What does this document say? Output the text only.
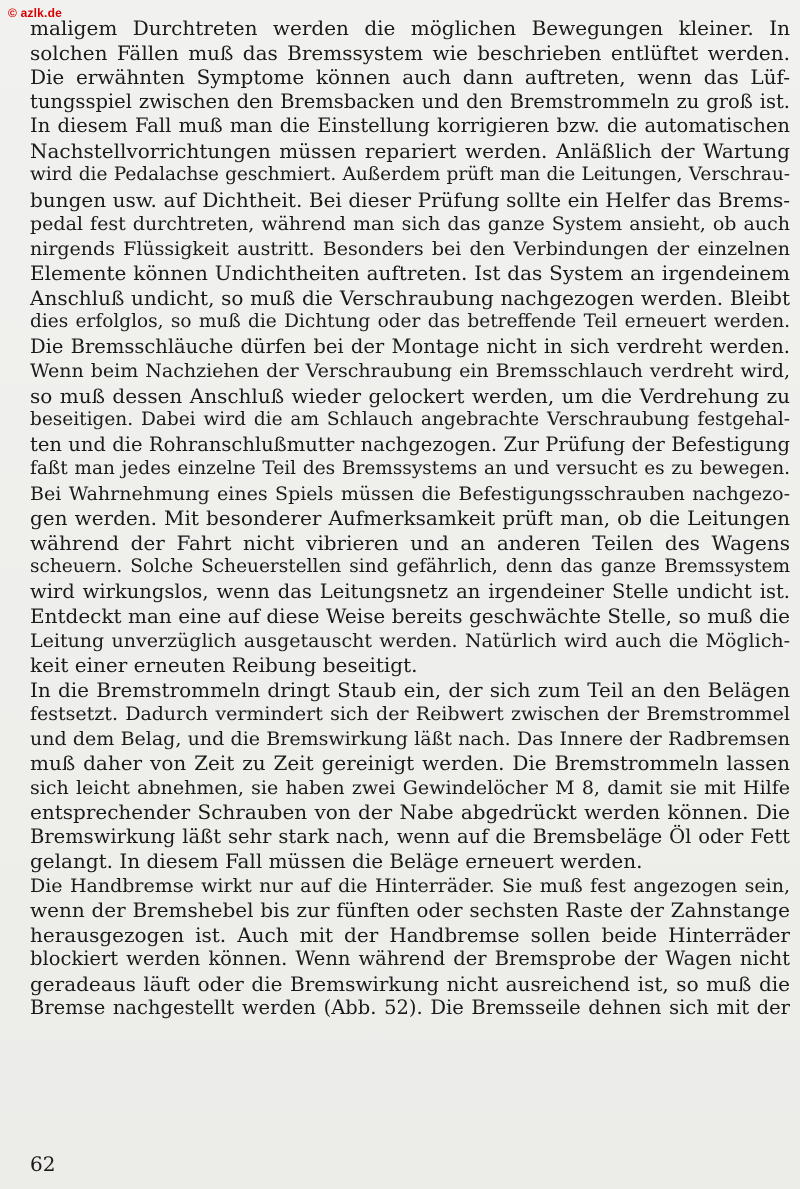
© azlk.de
maligem Durchtreten werden die möglichen Bewegungen kleiner. In
solchen Fällen muß das Bremssystem wie beschrieben entlüftet werden.
Die erwähnten Symptome können auch dann auftreten, wenn das Lüf-
tungsspiel zwischen den Bremsbacken und den Bremstrommeln zu groß ist.
In diesem Fall muß man die Einstellung korrigieren bzw. die automatischen
Nachstellvorrichtungen müssen repariert werden. Anläßlich der Wartung
wird die Pedalachse geschmiert. Außerdem prüft man die Leitungen, Verschrau-
bungen usw. auf Dichtheit. Bei dieser Prüfung sollte ein Helfer das Brems-
pedal fest durchtreten, während man sich das ganze System ansieht, ob auch
nirgends Flüssigkeit austritt. Besonders bei den Verbindungen der einzelnen
Elemente können Undichtheiten auftreten. Ist das System an irgendeinem
Anschluß undicht, so muß die Verschraubung nachgezogen werden. Bleibt
dies erfolglos, so muß die Dichtung oder das betreffende Teil erneuert werden.
Die Bremsschläuche dürfen bei der Montage nicht in sich verdreht werden.
Wenn beim Nachziehen der Verschraubung ein Bremsschlauch verdreht wird,
so muß dessen Anschluß wieder gelockert werden, um die Verdrehung zu
beseitigen. Dabei wird die am Schlauch angebrachte Verschraubung festgehal-
ten und die Rohranschlußmutter nachgezogen. Zur Prüfung der Befestigung
faßt man jedes einzelne Teil des Bremssystems an und versucht es zu bewegen.
Bei Wahrnehmung eines Spiels müssen die Befestigungsschrauben nachgezo-
gen werden. Mit besonderer Aufmerksamkeit prüft man, ob die Leitungen
während der Fahrt nicht vibrieren und an anderen Teilen des Wagens
scheuern. Solche Scheuerstellen sind gefährlich, denn das ganze Bremssystem
wird wirkungslos, wenn das Leitungsnetz an irgendeiner Stelle undicht ist.
Entdeckt man eine auf diese Weise bereits geschwächte Stelle, so muß die
Leitung unverzüglich ausgetauscht werden. Natürlich wird auch die Möglich-
keit einer erneuten Reibung beseitigt.
In die Bremstrommeln dringt Staub ein, der sich zum Teil an den Belägen
festsetzt. Dadurch vermindert sich der Reibwert zwischen der Bremstrommel
und dem Belag, und die Bremswirkung läßt nach. Das Innere der Radbremsen
muß daher von Zeit zu Zeit gereinigt werden. Die Bremstrommeln lassen
sich leicht abnehmen, sie haben zwei Gewindelöcher M 8, damit sie mit Hilfe
entsprechender Schrauben von der Nabe abgedrückt werden können. Die
Bremswirkung läßt sehr stark nach, wenn auf die Bremsbeläge Öl oder Fett
gelangt. In diesem Fall müssen die Beläge erneuert werden.
Die Handbremse wirkt nur auf die Hinterräder. Sie muß fest angezogen sein,
wenn der Bremshebel bis zur fünften oder sechsten Raste der Zahnstange
herausgezogen ist. Auch mit der Handbremse sollen beide Hinterräder
blockiert werden können. Wenn während der Bremsprobe der Wagen nicht
geradeaus läuft oder die Bremswirkung nicht ausreichend ist, so muß die
Bremse nachgestellt werden (Abb. 52). Die Bremsseile dehnen sich mit der
62
